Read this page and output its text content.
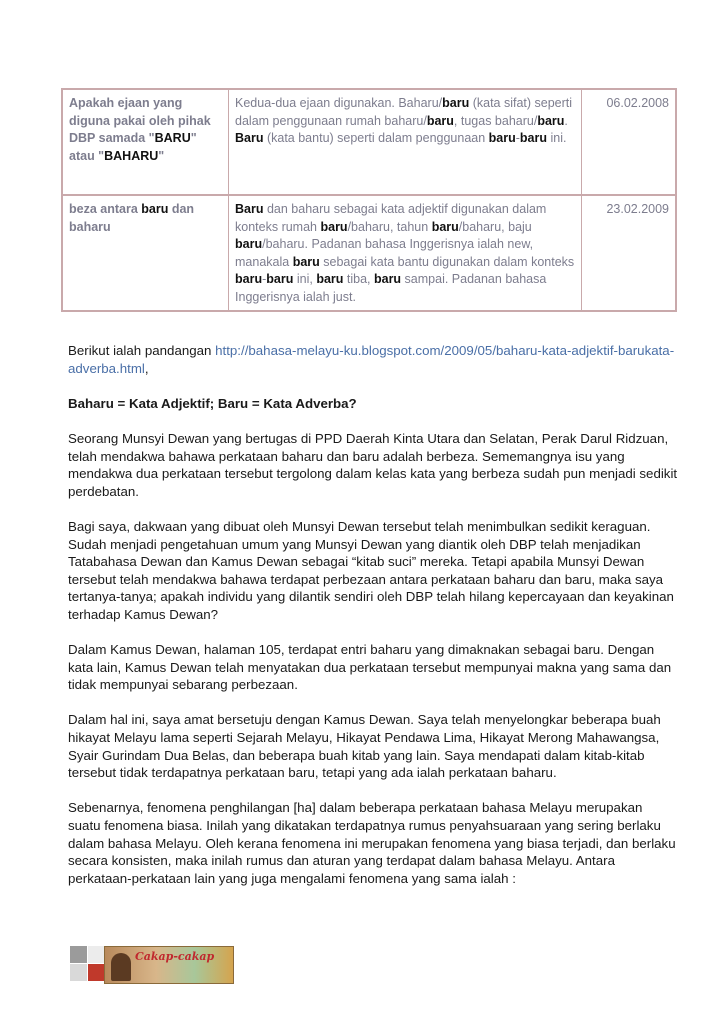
Apakah ejaan yang diguna pakai oleh pihak DBP samada "BARU" atau "BAHARU"	Kedua-dua ejaan digunakan. Baharu/baru (kata sifat) seperti dalam penggunaan rumah baharu/baru, tugas baharu/baru. Baru (kata bantu) seperti dalam penggunaan baru-baru ini.	06.02.2008
beza antara baru dan baharu	Baru dan baharu sebagai kata adjektif digunakan dalam konteks rumah baru/baharu, tahun baru/baharu, baju baru/baharu. Padanan bahasa Inggerisnya ialah new, manakala baru sebagai kata bantu digunakan dalam konteks baru-baru ini, baru tiba, baru sampai. Padanan bahasa Inggerisnya ialah just.	23.02.2009

Berikut ialah pandangan http://bahasa-melayu-ku.blogspot.com/2009/05/baharu-kata-adjektif-barukata-adverba.html,

Baharu = Kata Adjektif; Baru = Kata Adverba?

Seorang Munsyi Dewan yang bertugas di PPD Daerah Kinta Utara dan Selatan, Perak Darul Ridzuan, telah mendakwa bahawa perkataan baharu dan baru adalah berbeza. Sememangnya isu yang mendakwa dua perkataan tersebut tergolong dalam kelas kata yang berbeza sudah pun menjadi sedikit perdebatan.

Bagi saya, dakwaan yang dibuat oleh Munsyi Dewan tersebut telah menimbulkan sedikit keraguan. Sudah menjadi pengetahuan umum yang Munsyi Dewan yang diantik oleh DBP telah menjadikan Tatabahasa Dewan dan Kamus Dewan sebagai “kitab suci” mereka. Tetapi apabila Munsyi Dewan tersebut telah mendakwa bahawa terdapat perbezaan antara perkataan baharu dan baru, maka saya tertanya-tanya; apakah individu yang dilantik sendiri oleh DBP telah hilang kepercayaan dan keyakinan terhadap Kamus Dewan?

Dalam Kamus Dewan, halaman 105, terdapat entri baharu yang dimaknakan sebagai baru. Dengan kata lain, Kamus Dewan telah menyatakan dua perkataan tersebut mempunyai makna yang sama dan tidak mempunyai sebarang perbezaan.

Dalam hal ini, saya amat bersetuju dengan Kamus Dewan. Saya telah menyelongkar beberapa buah hikayat Melayu lama seperti Sejarah Melayu, Hikayat Pendawa Lima, Hikayat Merong Mahawangsa, Syair Gurindam Dua Belas, dan beberapa buah kitab yang lain. Saya mendapati dalam kitab-kitab tersebut tidak terdapatnya perkataan baru, tetapi yang ada ialah perkataan baharu.

Sebenarnya, fenomena penghilangan [ha] dalam beberapa perkataan bahasa Melayu merupakan suatu fenomena biasa. Inilah yang dikatakan terdapatnya rumus penyahsuaraan yang sering berlaku dalam bahasa Melayu. Oleh kerana fenomena ini merupakan fenomena yang biasa terjadi, dan berlaku secara konsisten, maka inilah rumus dan aturan yang terdapat dalam bahasa Melayu. Antara perkataan-perkataan lain yang juga mengalami fenomena yang sama ialah :

Cakap-cakap
